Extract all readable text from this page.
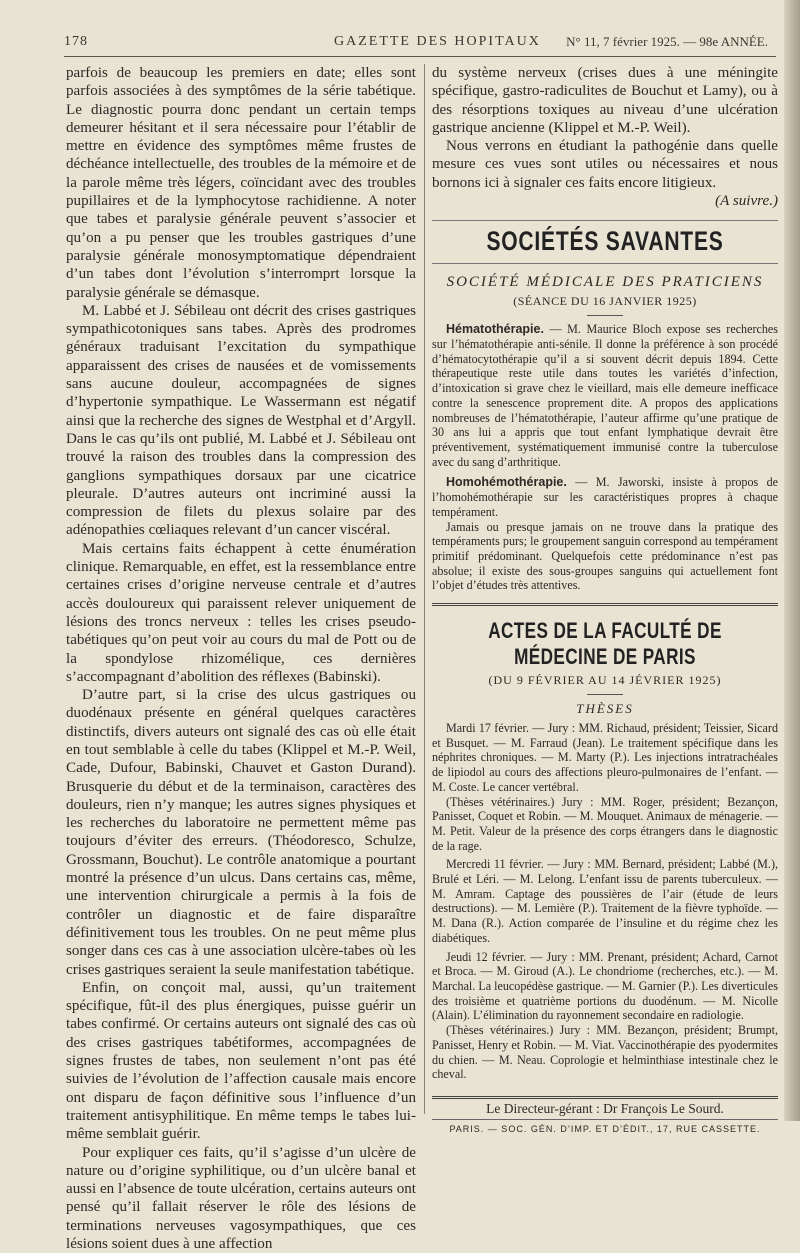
178	GAZETTE DES HOPITAUX N° 11, 7 février 1925. — 98e ANNÉE.

parfois de beaucoup les premiers en date; elles sont parfois associées à des symptômes de la série tabétique. Le diagnostic pourra donc pendant un certain temps demeurer hésitant et il sera nécessaire pour l’établir de mettre en évidence des symptômes même frustes de déchéance intellectuelle, des troubles de la mémoire et de la parole même très légers, coïncidant avec des troubles pupillaires et de la lymphocytose rachidienne. A noter que tabes et paralysie générale peuvent s’associer et qu’on a pu penser que les troubles gastriques d’une paralysie générale monosymptomatique dépendraient d’un tabes dont l’évolution s’interromprt lorsque la paralysie générale se démasque.

M. Labbé et J. Sébileau ont décrit des crises gastriques sympathicotoniques sans tabes. Après des prodromes généraux traduisant l’excitation du sympathique apparaissent des crises de nausées et de vomissements sans aucune douleur, accompagnées de signes d’hypertonie sympathique. Le Wassermann est négatif ainsi que la recherche des signes de Westphal et d’Argyll. Dans le cas qu’ils ont publié, M. Labbé et J. Sébileau ont trouvé la raison des troubles dans la compression des ganglions sympathiques dorsaux par une cicatrice pleurale. D’autres auteurs ont incriminé aussi la compression de filets du plexus solaire par des adénopathies cœliaques relevant d’un cancer viscéral.

Mais certains faits échappent à cette énumération clinique. Remarquable, en effet, est la ressemblance entre certaines crises d’origine nerveuse centrale et d’autres accès douloureux qui paraissent relever uniquement de lésions des troncs nerveux : telles les crises pseudo-tabétiques qu’on peut voir au cours du mal de Pott ou de la spondylose rhizomélique, ces dernières s’accompagnant d’abolition des réflexes (Babinski).

D’autre part, si la crise des ulcus gastriques ou duodénaux présente en général quelques caractères distinctifs, divers auteurs ont signalé des cas où elle était en tout semblable à celle du tabes (Klippel et M.-P. Weil, Cade, Dufour, Babinski, Chauvet et Gaston Durand). Brusquerie du début et de la terminaison, caractères des douleurs, rien n’y manque; les autres signes physiques et les recherches du laboratoire ne permettent même pas toujours d’éviter des erreurs. (Théodoresco, Schulze, Grossmann, Bouchut). Le contrôle anatomique a pourtant montré la présence d’un ulcus. Dans certains cas, même, une intervention chirurgicale a permis à la fois de contrôler un diagnostic et de faire disparaître définitivement tous les troubles. On ne peut même plus songer dans ces cas à une association ulcère-tabes où les crises gastriques seraient la seule manifestation tabétique.

Enfin, on conçoit mal, aussi, qu’un traitement spécifique, fût-il des plus énergiques, puisse guérir un tabes confirmé. Or certains auteurs ont signalé des cas où des crises gastriques tabétiformes, accompagnées de signes frustes de tabes, non seulement n’ont pas été suivies de l’évolution de l’affection causale mais encore ont disparu de façon définitive sous l’influence d’un traitement antisyphilitique. En même temps le tabes lui-même semblait guérir.

Pour expliquer ces faits, qu’il s’agisse d’un ulcère de nature ou d’origine syphilitique, ou d’un ulcère banal et aussi en l’absence de toute ulcération, certains auteurs ont pensé qu’il fallait réserver le rôle des lésions de terminations nerveuses vagosympathiques, que ces lésions soient dues à une affection

du système nerveux (crises dues à une méningite spécifique, gastro-radiculites de Bouchut et Lamy), ou à des résorptions toxiques au niveau d’une ulcération gastrique ancienne (Klippel et M.-P. Weil).

Nous verrons en étudiant la pathogénie dans quelle mesure ces vues sont utiles ou nécessaires et nous bornons ici à signaler ces faits encore litigieux.

(A suivre.)
SOCIÉTÉS SAVANTES
SOCIÉTÉ MÉDICALE DES PRATICIENS
(SÉANCE DU 16 JANVIER 1925)

Hématothérapie. — M. Maurice Bloch expose ses recherches sur l’hématothérapie anti-sénile. Il donne la préférence à son procédé d’hématocytothérapie qu’il a si souvent décrit depuis 1894. Cette thérapeutique reste utile dans toutes les variétés d’infection, d’intoxication si grave chez le vieillard, mais elle demeure inefficace contre la senescence proprement dite. A propos des applications nombreuses de l’hématothérapie, l’auteur affirme qu’une pratique de 30 ans lui a appris que tout enfant lymphatique devrait être préventivement, systématiquement immunisé contre la tuberculose avec du sang d’arthritique.

Homohémothérapie. — M. Jaworski, insiste à propos de l’homohémothérapie sur les caractéristiques propres à chaque tempérament.

Jamais ou presque jamais on ne trouve dans la pratique des tempéraments purs; le groupement sanguin correspond au tempérament primitif prédominant. Quelquefois cette prédominance n’est pas absolue; il existe des sous-groupes sanguins qui actuellement font l’objet d’études très attentives.

ACTES DE LA FACULTÉ DE MÉDECINE DE PARIS
(DU 9 FÉVRIER AU 14 JÉVRIER 1925)
THÈSES

Mardi 17 février. — Jury : MM. Richaud, président; Teissier, Sicard et Busquet. — M. Farraud (Jean). Le traitement spécifique dans les néphrites chroniques. — M. Marty (P.). Les injections intratrachéales de lipiodol au cours des affections pleuro-pulmonaires de l’enfant. — M. Coste. Le cancer vertébral.

(Thèses vétérinaires.) Jury : MM. Roger, président; Bezançon, Panisset, Coquet et Robin. — M. Mouquet. Animaux de ménagerie. — M. Petit. Valeur de la présence des corps étrangers dans le diagnostic de la rage.

Mercredi 11 février. — Jury : MM. Bernard, président; Labbé (M.), Brulé et Léri. — M. Lelong. L’enfant issu de parents tuberculeux. — M. Amram. Captage des poussières de l’air (étude de leurs destructions). — M. Lemière (P.). Traitement de la fièvre typhoïde. — M. Dana (R.). Action comparée de l’insuline et du régime chez les diabétiques.

Jeudi 12 février. — Jury : MM. Prenant, président; Achard, Carnot et Broca. — M. Giroud (A.). Le chondriome (recherches, etc.). — M. Marchal. La leucopédèse gastrique. — M. Garnier (P.). Les diverticules des troisième et quatrième portions du duodénum. — M. Nicolle (Alain). L’élimination du rayonnement secondaire en radiologie.

(Thèses vétérinaires.) Jury : MM. Bezançon, président; Brumpt, Panisset, Henry et Robin. — M. Viat. Vaccinothérapie des pyodermites du chien. — M. Neau. Coprologie et helminthiase intestinale chez le cheval.

Le Directeur-gérant : Dr François Le Sourd.
PARIS. — SOC. GÉN. D’IMP. ET D’ÉDIT., 17, RUE CASSETTE.
